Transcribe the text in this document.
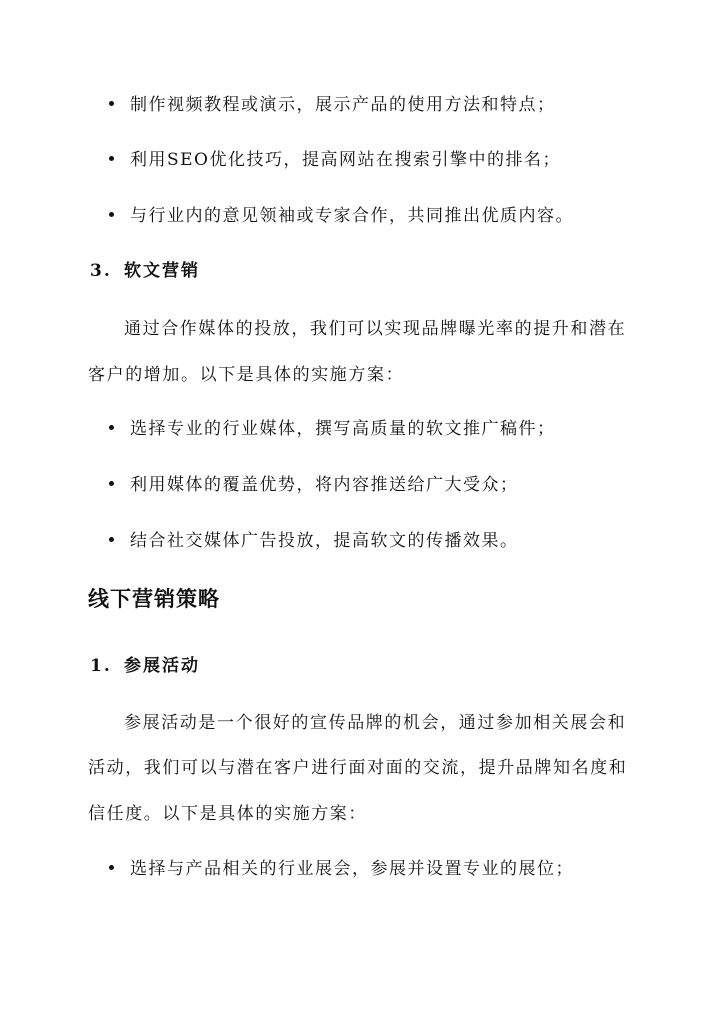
制作视频教程或演示，展示产品的使用方法和特点；
利用SEO优化技巧，提高网站在搜索引擎中的排名；
与行业内的意见领袖或专家合作，共同推出优质内容。
3. 软文营销
通过合作媒体的投放，我们可以实现品牌曝光率的提升和潜在
客户的增加。以下是具体的实施方案：
选择专业的行业媒体，撰写高质量的软文推广稿件；
利用媒体的覆盖优势，将内容推送给广大受众；
结合社交媒体广告投放，提高软文的传播效果。
线下营销策略
1. 参展活动
参展活动是一个很好的宣传品牌的机会，通过参加相关展会和
活动，我们可以与潜在客户进行面对面的交流，提升品牌知名度和
信任度。以下是具体的实施方案：
选择与产品相关的行业展会，参展并设置专业的展位；
